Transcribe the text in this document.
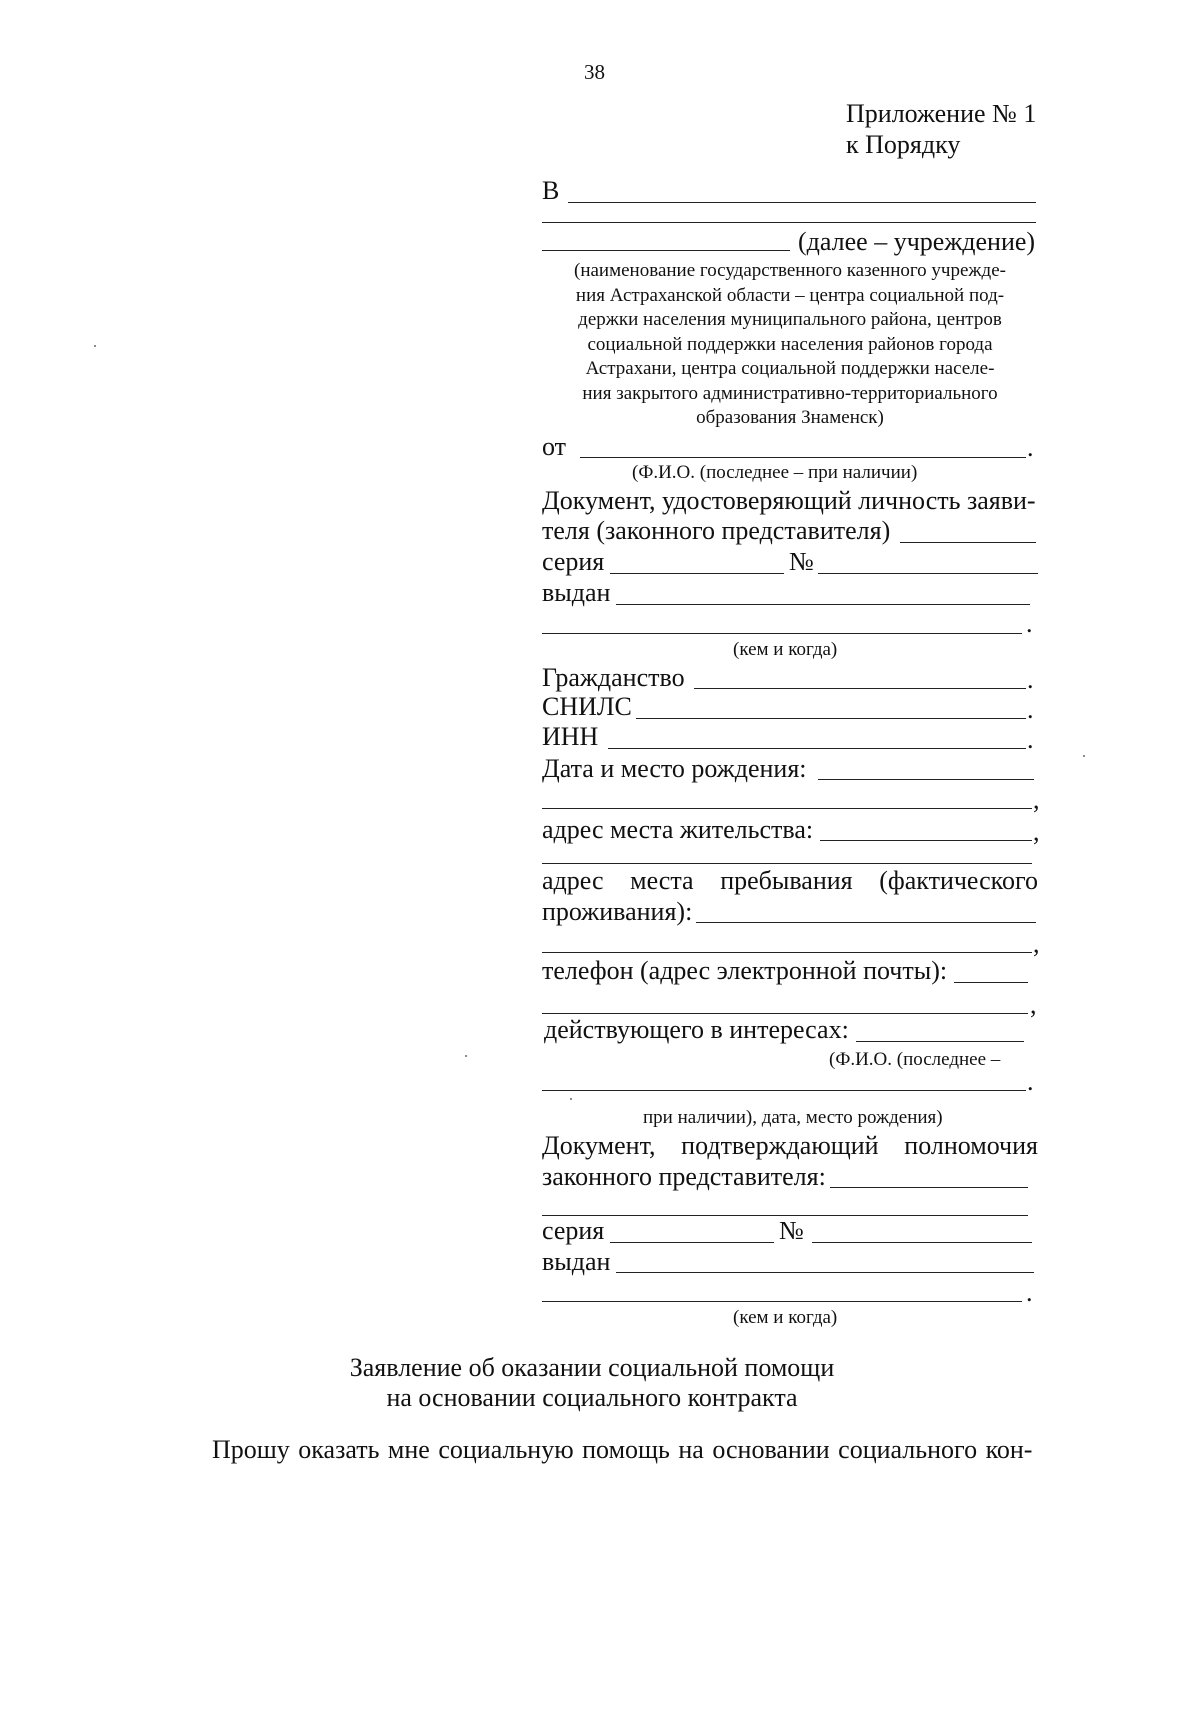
38
Приложение № 1
к Порядку
В
(далее – учреждение)
(наименование государственного казенного учрежде-
ния Астраханской области – центра социальной под-
держки населения муниципального района, центров
социальной поддержки населения районов города
Астрахани, центра социальной поддержки населе-
ния закрытого административно-территориального
образования Знаменск)
от	.
(Ф.И.О. (последнее – при наличии)
Документ, удостоверяющий личность заяви-
теля (законного представителя)
серия	№
выдан
.
(кем и когда)
Гражданство	.
СНИЛС	.
ИНН	.
Дата и место рождения:
,
адрес места жительства:	,
адрес места пребывания (фактического
проживания):
,
телефон (адрес электронной почты):
,
действующего в интересах:
(Ф.И.О. (последнее –
.
при наличии), дата, место рождения)
Документ, подтверждающий полномочия
законного представителя:
серия	№
выдан
.
(кем и когда)
Заявление об оказании социальной помощи
на основании социального контракта
Прошу оказать мне социальную помощь на основании социального кон-
